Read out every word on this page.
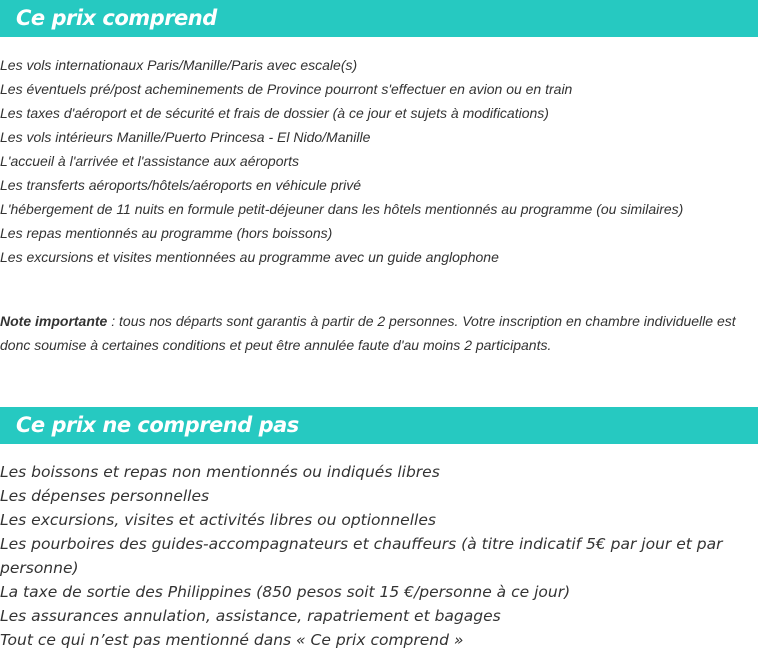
Ce prix comprend
Les vols internationaux Paris/Manille/Paris avec escale(s)
Les éventuels pré/post acheminements de Province pourront s'effectuer en avion ou en train
Les taxes d'aéroport et de sécurité et frais de dossier (à ce jour et sujets à modifications)
Les vols intérieurs Manille/Puerto Princesa - El Nido/Manille
L'accueil à l'arrivée et l'assistance aux aéroports
Les transferts aéroports/hôtels/aéroports en véhicule privé
L'hébergement de 11 nuits en formule petit-déjeuner dans les hôtels mentionnés au programme (ou similaires)
Les repas mentionnés au programme (hors boissons)
Les excursions et visites mentionnées au programme avec un guide anglophone

Note importante : tous nos départs sont garantis à partir de 2 personnes. Votre inscription en chambre individuelle est donc soumise à certaines conditions et peut être annulée faute d'au moins 2 participants.

Ce prix ne comprend pas
Les boissons et repas non mentionnés ou indiqués libres
Les dépenses personnelles
Les excursions, visites et activités libres ou optionnelles
Les pourboires des guides-accompagnateurs et chauffeurs (à titre indicatif 5€ par jour et par personne)
La taxe de sortie des Philippines (850 pesos soit 15 €/personne à ce jour)
Les assurances annulation, assistance, rapatriement et bagages
Tout ce qui n’est pas mentionné dans « Ce prix comprend »
